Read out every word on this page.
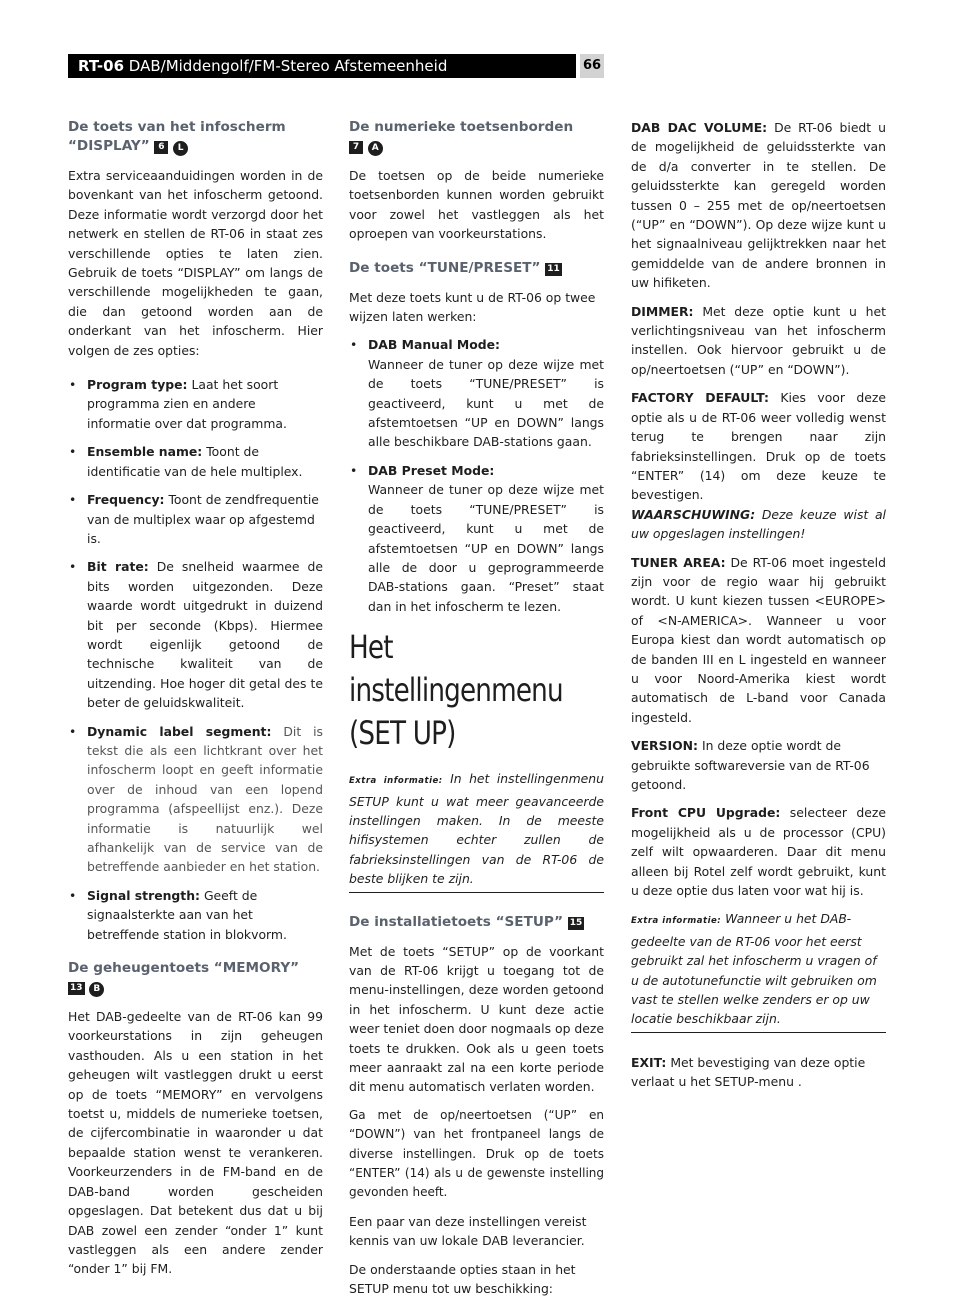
RT-06 DAB/Middengolf/FM-Stereo Afstemeenheid	66
De toets van het infoscherm “DISPLAY” 6 L

Extra serviceaanduidingen worden in de bovenkant van het infoscherm getoond. Deze informatie wordt verzorgd door het netwerk en stellen de RT-06 in staat zes verschillende opties te laten zien. Gebruik de toets “DISPLAY” om langs de verschillende mogelijkheden te gaan, die dan getoond worden aan de onderkant van het infoscherm. Hier volgen de zes opties:

• Program type: Laat het soort programma zien en andere informatie over dat programma.
• Ensemble name: Toont de identificatie van de hele multiplex.
• Frequency: Toont de zendfrequentie van de multiplex waar op afgestemd is.
• Bit rate: De snelheid waarmee de bits worden uitgezonden. Deze waarde wordt uitgedrukt in duizend bit per seconde (Kbps). Hiermee wordt eigenlijk getoond de technische kwaliteit van de uitzending. Hoe hoger dit getal des te beter de geluidskwaliteit.
• Dynamic label segment: Dit is tekst die als een lichtkrant over het infoscherm loopt en geeft informatie over de inhoud van een lopend programma (afspeellijst enz.). Deze informatie is natuurlijk wel afhankelijk van de service van de betreffende aanbieder en het station.
• Signal strength: Geeft de signaalsterkte aan van het betreffende station in blokvorm.
De geheugentoets “MEMORY”
13 B

Het DAB-gedeelte van de RT-06 kan 99 voorkeurstations in zijn geheugen vasthouden. Als u een station in het geheugen wilt vastleggen drukt u eerst op de toets “MEMORY” en vervolgens toetst u, middels de numerieke toetsen, de cijfercombinatie in waaronder u dat bepaalde station wenst te verankeren. Voorkeurzenders in de FM-band en de DAB-band worden gescheiden opgeslagen. Dat betekent dus dat u bij DAB zowel een zender “onder 1” kunt vastleggen als een andere zender “onder 1” bij FM.

De numerieke toetsenborden
7 A

De toetsen op de beide numerieke toetsenborden kunnen worden gebruikt voor zowel het vastleggen als het oproepen van voorkeurstations.

De toets “TUNE/PRESET” 11

Met deze toets kunt u de RT-06 op twee wijzen laten werken:

• DAB Manual Mode:
Wanneer de tuner op deze wijze met de toets “TUNE/PRESET” is geactiveerd, kunt u met de afstemtoetsen “UP en DOWN” langs alle beschikbare DAB-stations gaan.
• DAB Preset Mode:
Wanneer de tuner op deze wijze met de toets “TUNE/PRESET” is geactiveerd, kunt u met de afstemtoetsen “UP en DOWN” langs alle de door u geprogrammeerde DAB-stations gaan. “Preset” staat dan in het infoscherm te lezen.
Het instellingenmenu
(SET UP)

Extra informatie: In het instellingenmenu SETUP kunt u wat meer geavanceerde instellingen maken. In de meeste hifisystemen echter zullen de fabrieksinstellingen van de RT-06 de beste blijken te zijn.

De installatietoets “SETUP” 15

Met de toets “SETUP” op de voorkant van de RT-06 krijgt u toegang tot de menu-instellingen, deze worden getoond in het infoscherm. U kunt deze actie weer teniet doen door nogmaals op deze toets te drukken. Ook als u geen toets meer aanraakt zal na een korte periode dit menu automatisch verlaten worden.

Ga met de op/neertoetsen (“UP” en “DOWN”) van het frontpaneel langs de diverse instellingen. Druk op de toets “ENTER” (14) als u de gewenste instelling gevonden heeft.

Een paar van deze instellingen vereist kennis van uw lokale DAB leverancier.

De onderstaande opties staan in het SETUP menu tot uw beschikking:

DAB DAC VOLUME: De RT-06 biedt u de mogelijkheid de geluidssterkte van de d/a converter in te stellen. De geluidssterkte kan geregeld worden tussen 0 – 255 met de op/neertoetsen (“UP” en “DOWN”). Op deze wijze kunt u het signaalniveau gelijktrekken naar het gemiddelde van de andere bronnen in uw hifiketen.

DIMMER: Met deze optie kunt u het verlichtingsniveau van het infoscherm instellen. Ook hiervoor gebruikt u de op/neertoetsen (“UP” en “DOWN”).

FACTORY DEFAULT: Kies voor deze optie als u de RT-06 weer volledig wenst terug te brengen naar zijn fabrieksinstellingen. Druk op de toets “ENTER” (14) om deze keuze te bevestigen.

WAARSCHUWING: Deze keuze wist al uw opgeslagen instellingen!

TUNER AREA: De RT-06 moet ingesteld zijn voor de regio waar hij gebruikt wordt. U kunt kiezen tussen <EUROPE> of <N-AMERICA>. Wanneer u voor Europa kiest dan wordt automatisch op de banden III en L ingesteld en wanneer u voor Noord-Amerika kiest wordt automatisch de L-band voor Canada ingesteld.

VERSION: In deze optie wordt de gebruikte softwareversie van de RT-06 getoond.

Front CPU Upgrade: selecteer deze mogelijkheid als u de processor (CPU) zelf wilt opwaarderen. Daar dit menu alleen bij Rotel zelf wordt gebruikt, kunt u deze optie dus laten voor wat hij is.

Extra informatie: Wanneer u het DAB-gedeelte van de RT-06 voor het eerst gebruikt zal het infoscherm u vragen of u de autotunefunctie wilt gebruiken om vast te stellen welke zenders er op uw locatie beschikbaar zijn.

EXIT: Met bevestiging van deze optie verlaat u het SETUP-menu .
